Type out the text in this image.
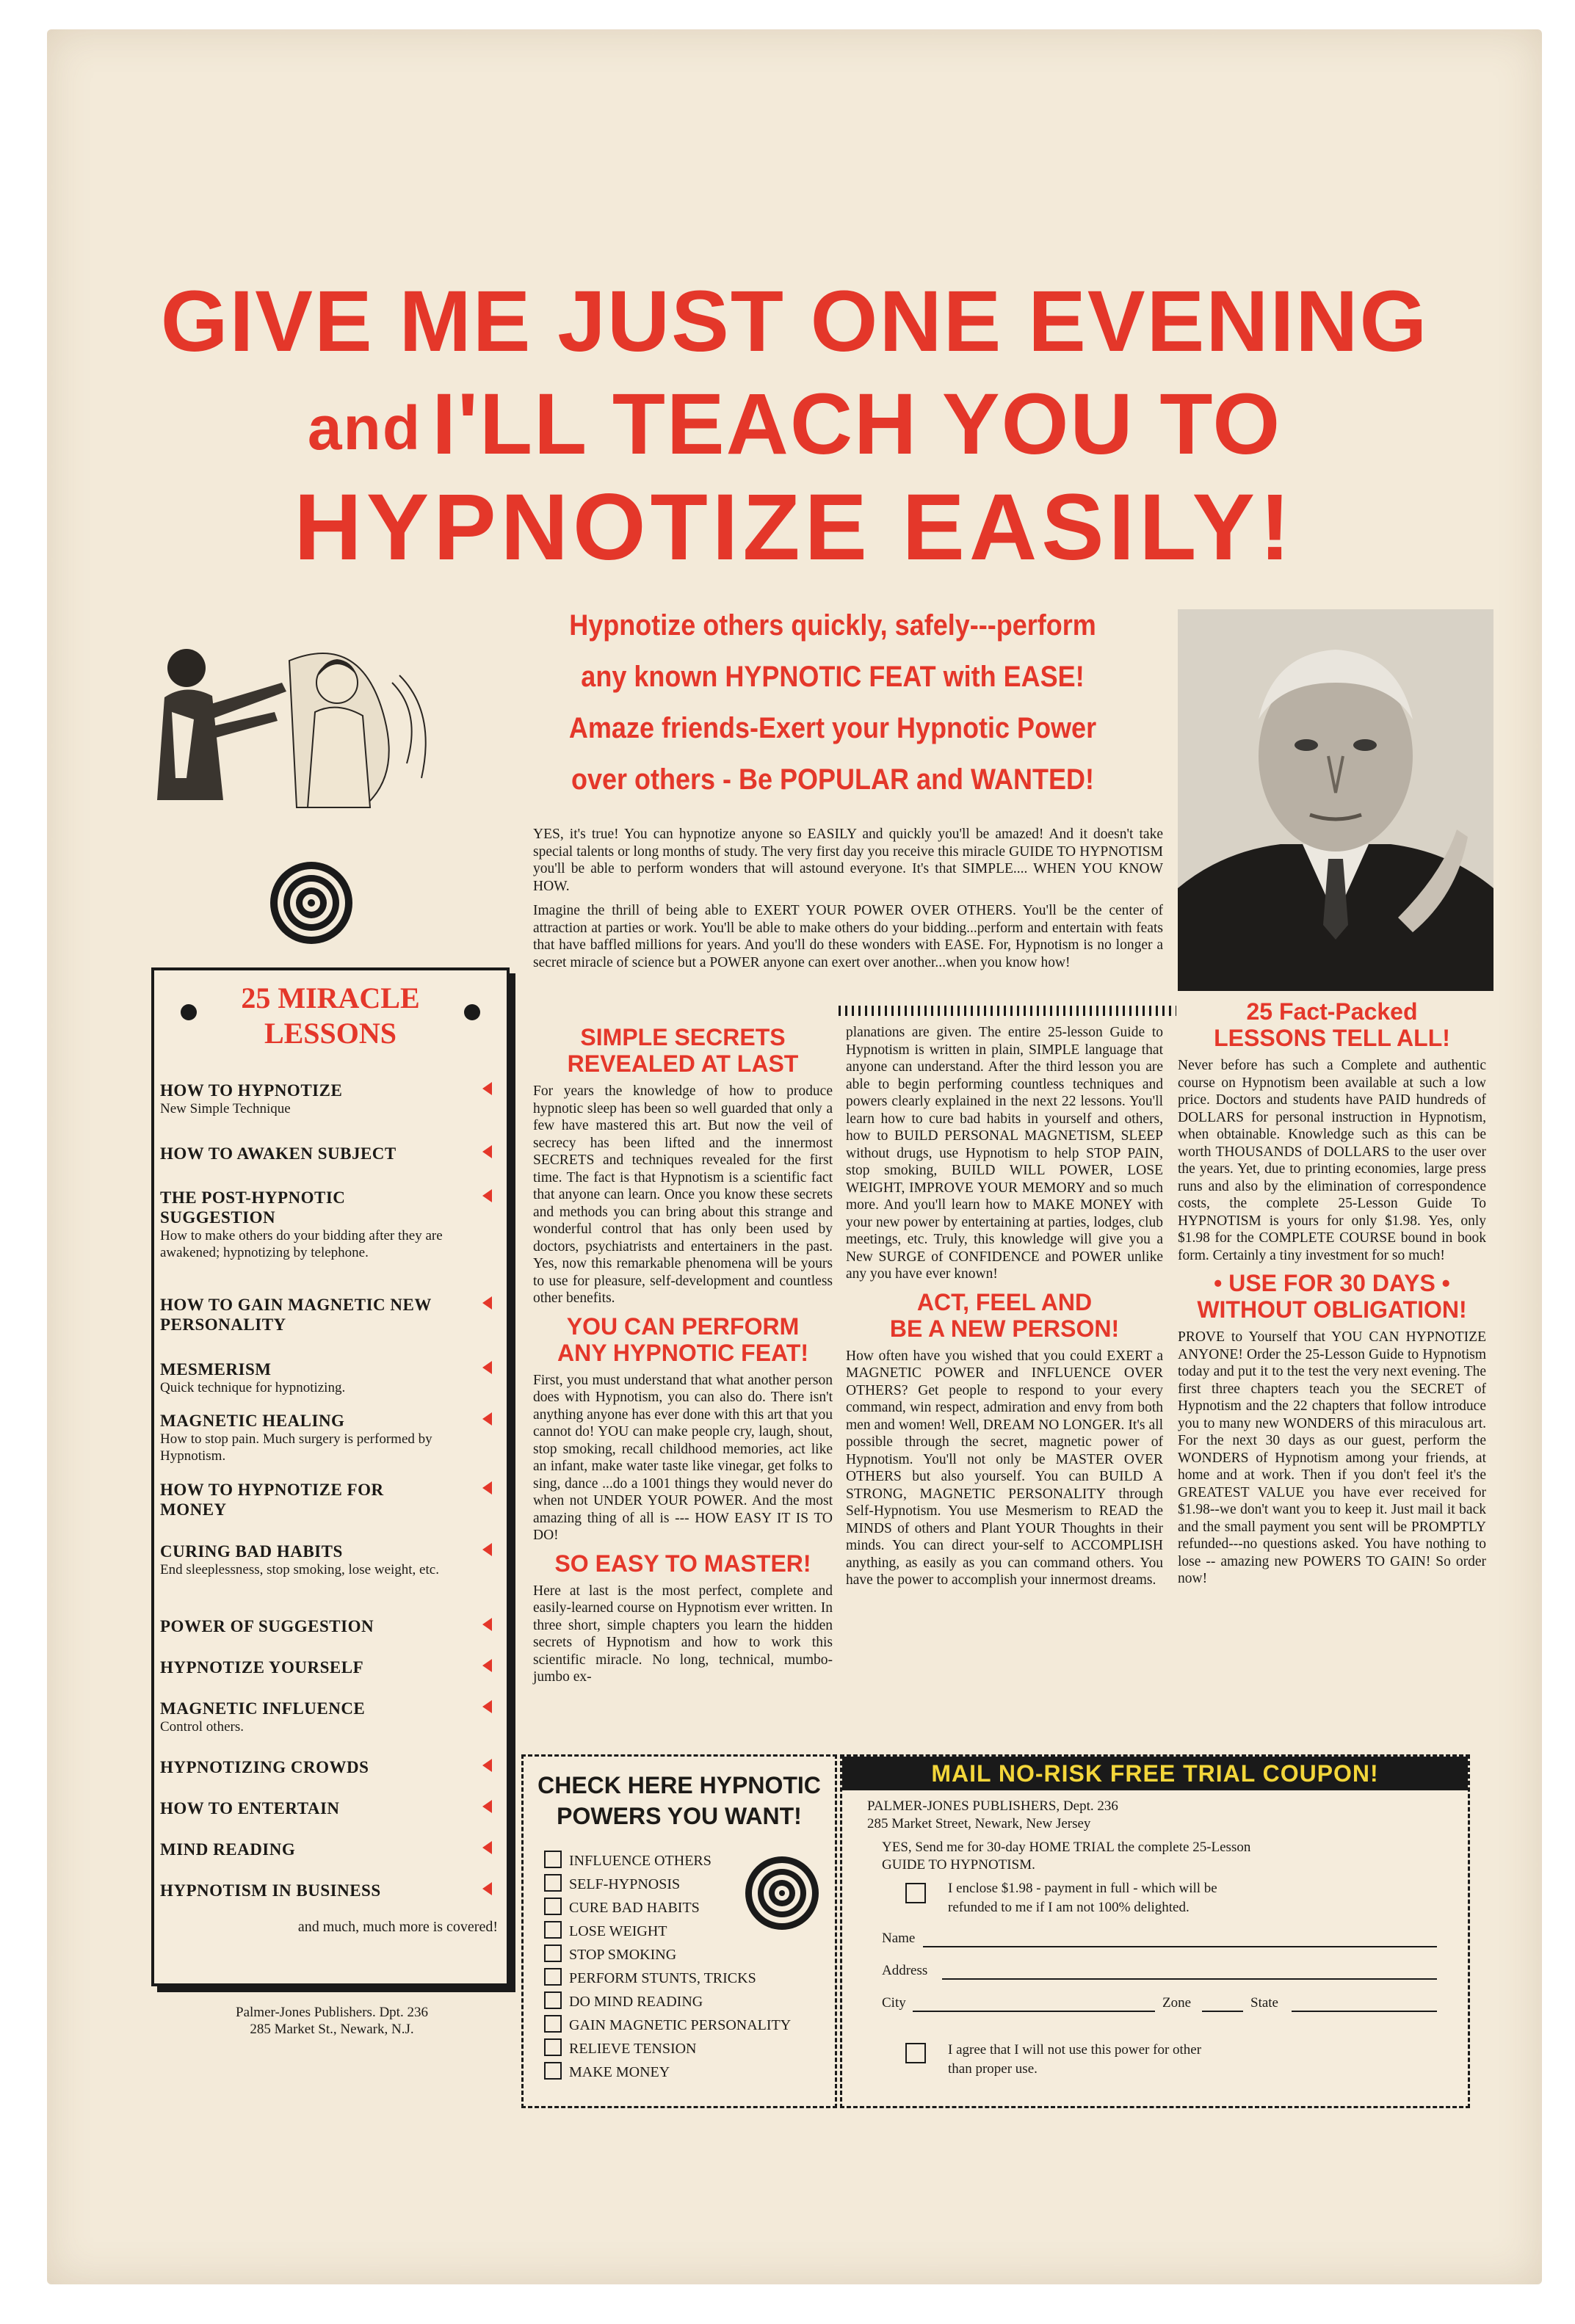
GIVE ME JUST ONE EVENING
and I'LL TEACH YOU TO
HYPNOTIZE EASILY!
Hypnotize others quickly, safely---perform
any known HYPNOTIC FEAT with EASE!
Amaze friends-Exert your Hypnotic Power
over others - Be POPULAR and WANTED!

YES, it's true! You can hypnotize anyone so EASILY and quickly you'll be amazed! And it doesn't take special talents or long months of study. The very first day you receive this miracle GUIDE TO HYPNOTISM you'll be able to perform wonders that will astound everyone. It's that SIMPLE.... WHEN YOU KNOW HOW.

Imagine the thrill of being able to EXERT YOUR POWER OVER OTHERS. You'll be the center of attraction at parties or work. You'll be able to make others do your bidding...perform and entertain with feats that have baffled millions for years. And you'll do these wonders with EASE. For, Hypnotism is no longer a secret miracle of science but a POWER anyone can exert over another...when you know how!

25 MIRACLE
LESSONS
HOW TO HYPNOTIZE
New Simple Technique
HOW TO AWAKEN SUBJECT
THE POST-HYPNOTIC SUGGESTION
How to make others do your bidding after they are awakened; hypnotizing by telephone.
HOW TO GAIN MAGNETIC NEW PERSONALITY
MESMERISM
Quick technique for hypnotizing.
MAGNETIC HEALING
How to stop pain. Much surgery is performed by Hypnotism.
HOW TO HYPNOTIZE FOR MONEY
CURING BAD HABITS
End sleeplessness, stop smoking, lose weight, etc.
POWER OF SUGGESTION
HYPNOTIZE YOURSELF
MAGNETIC INFLUENCE
Control others.
HYPNOTIZING CROWDS
HOW TO ENTERTAIN
MIND READING
HYPNOTISM IN BUSINESS
and much, much more is covered!
Palmer-Jones Publishers. Dpt. 236
285 Market St., Newark, N.J.
SIMPLE SECRETS
REVEALED AT LAST
For years the knowledge of how to produce hypnotic sleep has been so well guarded that only a few have mastered this art. But now the veil of secrecy has been lifted and the innermost SECRETS and techniques revealed for the first time. The fact is that Hypnotism is a scientific fact that anyone can learn. Once you know these secrets and methods you can bring about this strange and wonderful control that has only been used by doctors, psychiatrists and entertainers in the past. Yes, now this remarkable phenomena will be yours to use for pleasure, self-development and countless other benefits.
YOU CAN PERFORM
ANY HYPNOTIC FEAT!
First, you must understand that what another person does with Hypnotism, you can also do. There isn't anything anyone has ever done with this art that you cannot do! YOU can make people cry, laugh, shout, stop smoking, recall childhood memories, act like an infant, make water taste like vinegar, get folks to sing, dance ...do a 1001 things they would never do when not UNDER YOUR POWER. And the most amazing thing of all is --- HOW EASY IT IS TO DO!
SO EASY TO MASTER!
Here at last is the most perfect, complete and easily-learned course on Hypnotism ever written. In three short, simple chapters you learn the hidden secrets of Hypnotism and how to work this scientific miracle. No long, technical, mumbo-jumbo ex-
planations are given. The entire 25-lesson Guide to Hypnotism is written in plain, SIMPLE language that anyone can understand. After the third lesson you are able to begin performing countless techniques and powers clearly explained in the next 22 lessons. You'll learn how to cure bad habits in yourself and others, how to BUILD PERSONAL MAGNETISM, SLEEP without drugs, use Hypnotism to help STOP PAIN, stop smoking, BUILD WILL POWER, LOSE WEIGHT, IMPROVE YOUR MEMORY and so much more. And you'll learn how to MAKE MONEY with your new power by entertaining at parties, lodges, club meetings, etc. Truly, this knowledge will give you a New SURGE of CONFIDENCE and POWER unlike any you have ever known!
ACT, FEEL AND
BE A NEW PERSON!
How often have you wished that you could EXERT a MAGNETIC POWER and INFLUENCE OVER OTHERS? Get people to respond to your every command, win respect, admiration and envy from both men and women! Well, DREAM NO LONGER. It's all possible through the secret, magnetic power of Hypnotism. You'll not only be MASTER OVER OTHERS but also yourself. You can BUILD A STRONG, MAGNETIC PERSONALITY through Self-Hypnotism. You use Mesmerism to READ the MINDS of others and Plant YOUR Thoughts in their minds. You can direct your-self to ACCOMPLISH anything, as easily as you can command others. You have the power to accomplish your innermost dreams.
25 Fact-Packed
LESSONS TELL ALL!
Never before has such a Complete and authentic course on Hypnotism been available at such a low price. Doctors and students have PAID hundreds of DOLLARS for personal instruction in Hypnotism, when obtainable. Knowledge such as this can be worth THOUSANDS of DOLLARS to the user over the years. Yet, due to printing economies, large press runs and also by the elimination of correspondence costs, the complete 25-Lesson Guide To HYPNOTISM is yours for only $1.98. Yes, only $1.98 for the COMPLETE COURSE bound in book form. Certainly a tiny investment for so much!
• USE FOR 30 DAYS •
WITHOUT OBLIGATION!
PROVE to Yourself that YOU CAN HYPNOTIZE ANYONE! Order the 25-Lesson Guide to Hypnotism today and put it to the test the very next evening. The first three chapters teach you the SECRET of Hypnotism and the 22 chapters that follow introduce you to many new WONDERS of this miraculous art. For the next 30 days as our guest, perform the WONDERS of Hypnotism among your friends, at home and at work. Then if you don't feel it's the GREATEST VALUE you have ever received for $1.98--we don't want you to keep it. Just mail it back and the small payment you sent will be PROMPTLY refunded---no questions asked. You have nothing to lose -- amazing new POWERS TO GAIN! So order now!
CHECK HERE HYPNOTIC
POWERS YOU WANT!
INFLUENCE OTHERS
SELF-HYPNOSIS
CURE BAD HABITS
LOSE WEIGHT
STOP SMOKING
PERFORM STUNTS, TRICKS
DO MIND READING
GAIN MAGNETIC PERSONALITY
RELIEVE TENSION
MAKE MONEY
MAIL NO-RISK FREE TRIAL COUPON!
PALMER-JONES PUBLISHERS, Dept. 236
285 Market Street, Newark, New Jersey
YES, Send me for 30-day HOME TRIAL the complete 25-Lesson
GUIDE TO HYPNOTISM.
I enclose $1.98 - payment in full - which will be
refunded to me if I am not 100% delighted.
Name
Address
City	Zone	State
I agree that I will not use this power for other
than proper use.
